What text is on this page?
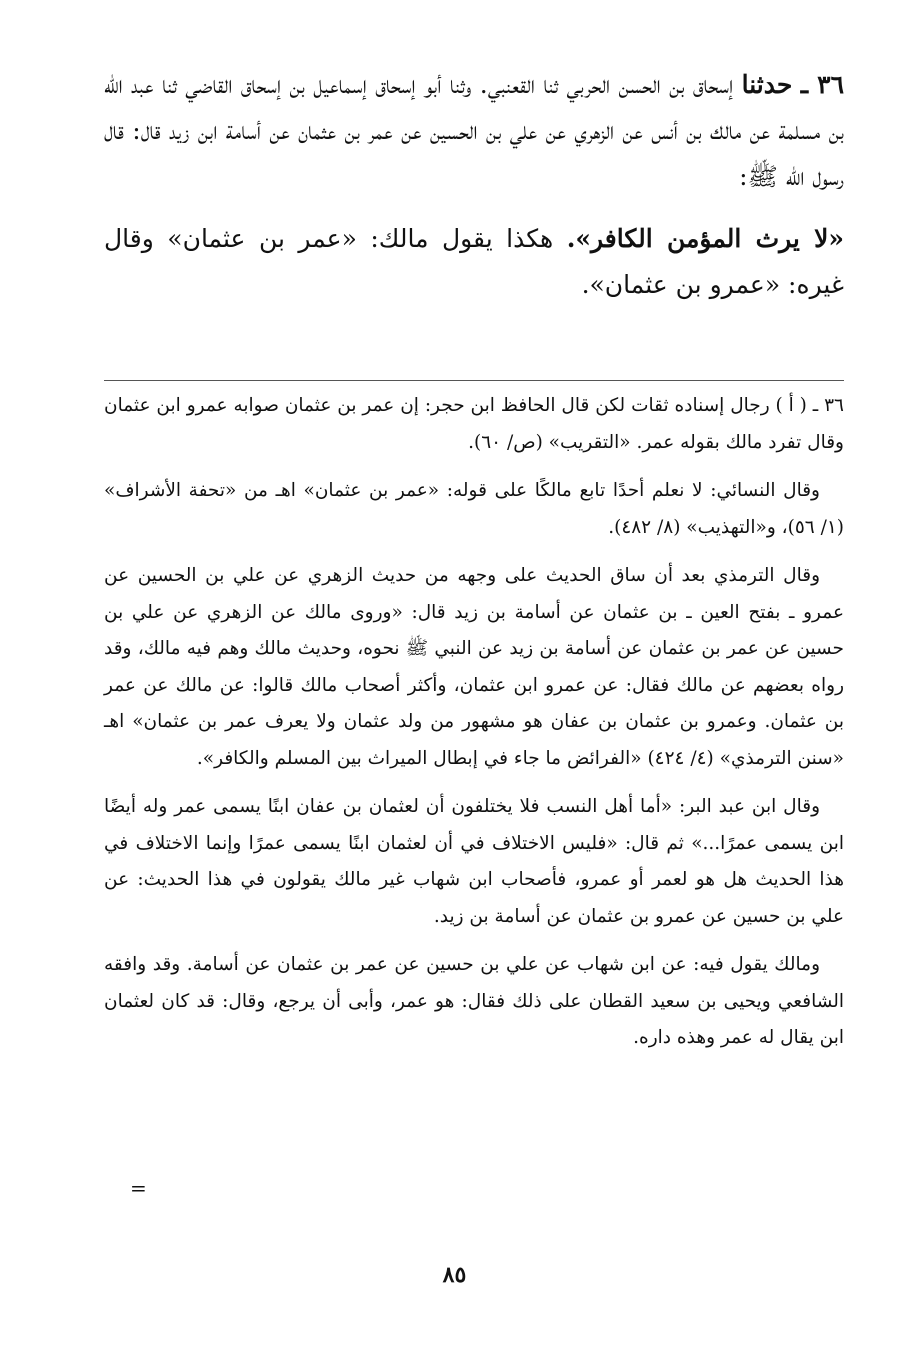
٣٦ ـ حدثنا إسحاق بن الحسن الحربي ثنا القعنبي. وثنا أبو إسحاق إسماعيل بن إسحاق القاضي ثنا عبد الله بن مسلمة عن مالك بن أنس عن الزهري عن علي بن الحسين عن عمر بن عثمان عن أسامة ابن زيد قال: قال رسول الله ﷺ:

«لا يرث المؤمن الكافر». هكذا يقول مالك: «عمر بن عثمان» وقال غيره: «عمرو بن عثمان».

٣٦ ـ ( أ ) رجال إسناده ثقات لكن قال الحافظ ابن حجر: إن عمر بن عثمان صوابه عمرو ابن عثمان وقال تفرد مالك بقوله عمر. «التقريب» (ص/ ٦٠).

وقال النسائي: لا نعلم أحدًا تابع مالكًا على قوله: «عمر بن عثمان» اهـ من «تحفة الأشراف» (١/ ٥٦)، و«التهذيب» (٨/ ٤٨٢).

وقال الترمذي بعد أن ساق الحديث على وجهه من حديث الزهري عن علي بن الحسين عن عمرو ـ بفتح العين ـ بن عثمان عن أسامة بن زيد قال: «وروى مالك عن الزهري عن علي بن حسين عن عمر بن عثمان عن أسامة بن زيد عن النبي ﷺ نحوه، وحديث مالك وهم فيه مالك، وقد رواه بعضهم عن مالك فقال: عن عمرو ابن عثمان، وأكثر أصحاب مالك قالوا: عن مالك عن عمر بن عثمان. وعمرو بن عثمان بن عفان هو مشهور من ولد عثمان ولا يعرف عمر بن عثمان» اهـ «سنن الترمذي» (٤/ ٤٢٤) «الفرائض ما جاء في إبطال الميراث بين المسلم والكافر».

وقال ابن عبد البر: «أما أهل النسب فلا يختلفون أن لعثمان بن عفان ابنًا يسمى عمر وله أيضًا ابن يسمى عمرًا...» ثم قال: «فليس الاختلاف في أن لعثمان ابنًا يسمى عمرًا وإنما الاختلاف في هذا الحديث هل هو لعمر أو عمرو، فأصحاب ابن شهاب غير مالك يقولون في هذا الحديث: عن علي بن حسين عن عمرو بن عثمان عن أسامة بن زيد.

ومالك يقول فيه: عن ابن شهاب عن علي بن حسين عن عمر بن عثمان عن أسامة. وقد وافقه الشافعي ويحيى بن سعيد القطان على ذلك فقال: هو عمر، وأبى أن يرجع، وقال: قد كان لعثمان ابن يقال له عمر وهذه داره.

=
٨٥
